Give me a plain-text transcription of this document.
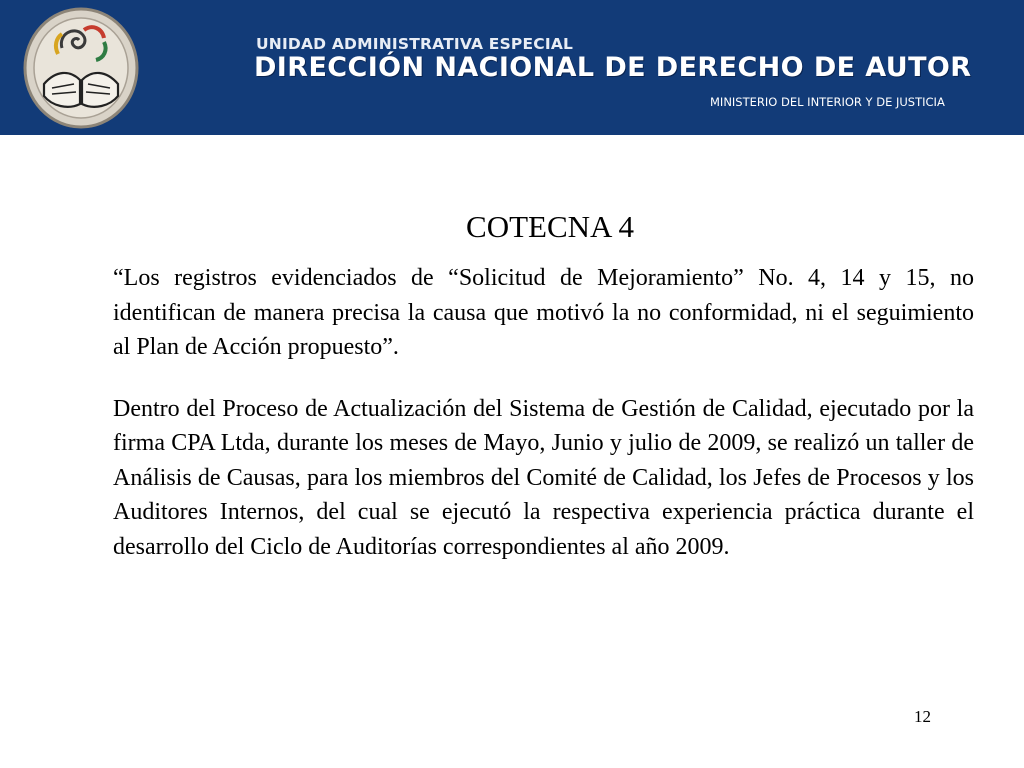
UNIDAD ADMINISTRATIVA ESPECIAL
DIRECCIÓN NACIONAL DE DERECHO DE AUTOR
MINISTERIO DEL INTERIOR Y DE JUSTICIA
COTECNA 4

“Los registros evidenciados de “Solicitud de Mejoramiento” No. 4, 14 y 15, no identifican de manera precisa la causa que motivó la no conformidad, ni el seguimiento al Plan de Acción propuesto”.

Dentro del Proceso de Actualización del Sistema de Gestión de Calidad, ejecutado por la firma CPA Ltda, durante los meses de Mayo, Junio y julio de 2009, se realizó un taller de Análisis de Causas, para los miembros del Comité de Calidad, los Jefes de Procesos y los Auditores Internos, del cual se ejecutó la respectiva experiencia práctica durante el desarrollo del Ciclo de Auditorías correspondientes al año 2009.

12
